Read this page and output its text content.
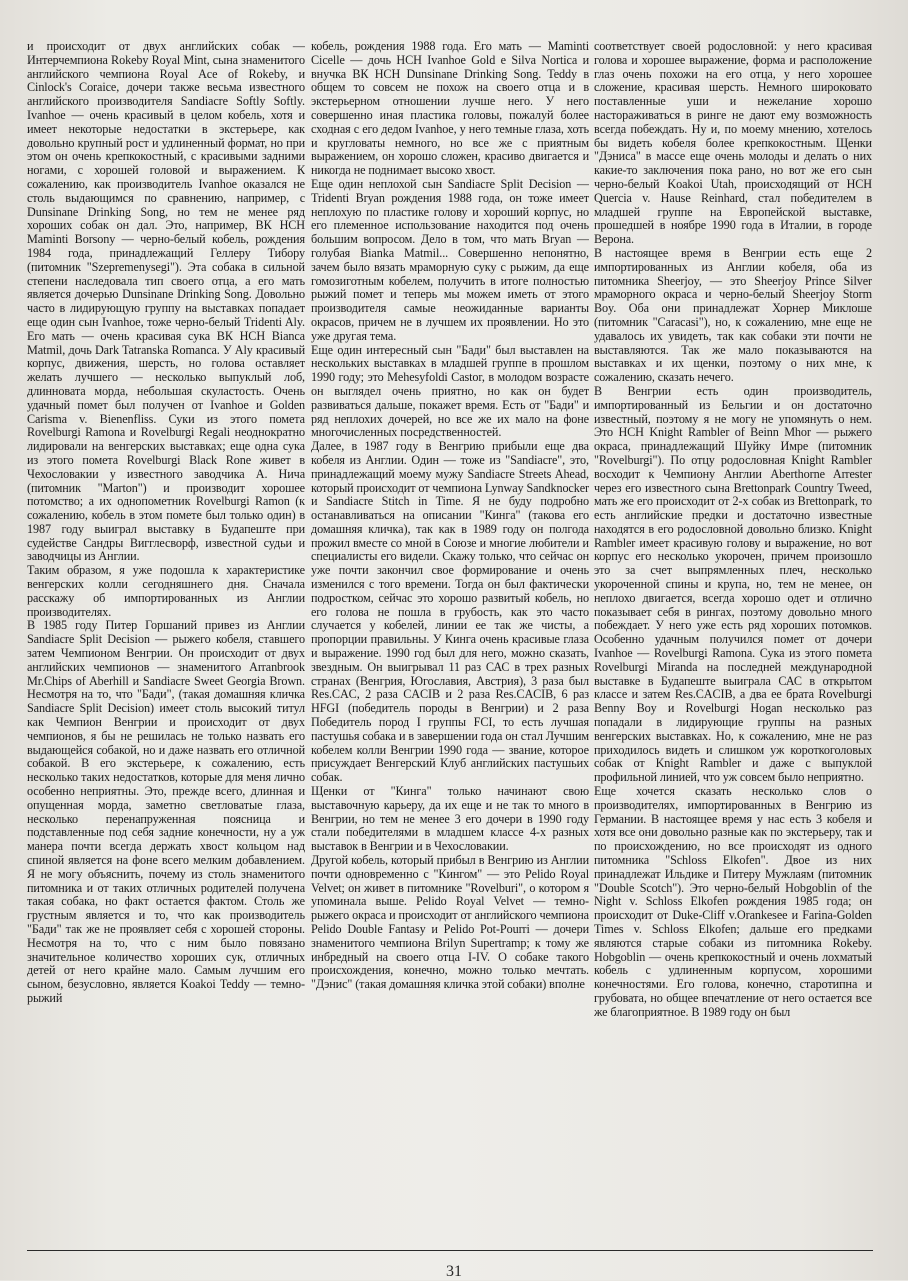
и происходит от двух английских собак — Интерчемпиона Rokeby Royal Mint, сына знаменитого английского чемпиона Royal Ace of Rokeby, и Cinlock's Coraice, дочери также весьма известного английского производителя Sandiacre Softly Softly. Ivanhoe — очень красивый в целом кобель, хотя и имеет некоторые недостатки в экстерьере, как довольно крупный рост и удлиненный формат, но при этом он очень крепкокостный, с красивыми задними ногами, с хорошей головой и выражением. К сожалению, как производитель Ivanhoe оказался не столь выдающимся по сравнению, например, с Dunsinane Drinking Song, но тем не менее ряд хороших собак он дал. Это, например, ВК НСН Maminti Borsony — черно-белый кобель, рождения 1984 года, принадлежащий Геллеру Тибору (питомник "Szepremenysegi"). Эта собака в сильной степени наследовала тип своего отца, а его мать является дочерью Dunsinane Drinking Song. Довольно часто в лидирующую группу на выставках попадает еще один сын Ivanhoe, тоже черно-белый Tridenti Aly. Его мать — очень красивая сука ВК НСН Bianca Matmil, дочь Dark Tatranska Romanca. У Aly красивый корпус, движения, шерсть, но голова оставляет желать лучшего — несколько выпуклый лоб, длинновата морда, небольшая скуластость. Очень удачный помет был получен от Ivanhoe и Golden Carisma v. Bienenfliss. Суки из этого помета Rovelburgi Ramona и Rovelburgi Regali неоднократно лидировали на венгерских выставках; еще одна сука из этого помета Rovelburgi Black Rone живет в Чехословакии у известного заводчика А. Нича (питомник "Marton") и производит хорошее потомство; а их однопометник Rovelburgi Ramon (к сожалению, кобель в этом помете был только один) в 1987 году выиграл выставку в Будапеште при судействе Сандры Вигглесворф, известной судьи и заводчицы из Англии.

Таким образом, я уже подошла к характеристике венгерских колли сегодняшнего дня. Сначала расскажу об импортированных из Англии производителях.

В 1985 году Питер Горшаний привез из Англии Sandiacre Split Decision — рыжего кобеля, ставшего затем Чемпионом Венгрии. Он происходит от двух английских чемпионов — знаменитого Arranbrook Mr.Chips of Aberhill и Sandiacre Sweet Georgia Brown. Несмотря на то, что "Бади", (такая домашняя кличка Sandiacre Split Decision) имеет столь высокий титул как Чемпион Венгрии и происходит от двух чемпионов, я бы не решилась не только назвать его выдающейся собакой, но и даже назвать его отличной собакой. В его экстерьере, к сожалению, есть несколько таких недостатков, которые для меня лично особенно неприятны. Это, прежде всего, длинная и опущенная морда, заметно светловатые глаза, несколько перенапруженная поясница и подставленные под себя задние конечности, ну а уж манера почти всегда держать хвост кольцом над спиной является на фоне всего мелким добавлением. Я не могу объяснить, почему из столь знаменитого питомника и от таких отличных родителей получена такая собака, но факт остается фактом. Столь же грустным является и то, что как производитель "Бади" так же не проявляет себя с хорошей стороны. Несмотря на то, что с ним было повязано значительное количество хороших сук, отличных детей от него крайне мало. Самым лучшим его сыном, безусловно, является Koakoi Teddy — темно-рыжий

кобель, рождения 1988 года. Его мать — Maminti Cicelle — дочь НСН Ivanhoe Gold e Silva Nortica и внучка ВК НСН Dunsinane Drinking Song. Teddy в общем то совсем не похож на своего отца и в экстерьерном отношении лучше него. У него совершенно иная пластика головы, пожалуй более сходная с его дедом Ivanhoe, у него темные глаза, хоть и кругловаты немного, но все же с приятным выражением, он хорошо сложен, красиво двигается и никогда не поднимает высоко хвост.

Еще один неплохой сын Sandiacre Split Decision — Tridenti Bryan рождения 1988 года, он тоже имеет неплохую по пластике голову и хороший корпус, но его племенное использование находится под очень большим вопросом. Дело в том, что мать Bryan — голубая Bianka Matmil... Совершенно непонятно, зачем было вязать мраморную суку с рыжим, да еще гомозиготным кобелем, получить в итоге полностью рыжий помет и теперь мы можем иметь от этого производителя самые неожиданные варианты окрасов, причем не в лучшем их проявлении. Но это уже другая тема.

Еще один интересный сын "Бади" был выставлен на нескольких выставках в младшей группе в прошлом 1990 году; это Mehesyfoldi Castor, в молодом возрасте он выглядел очень приятно, но как он будет развиваться дальше, покажет время. Есть от "Бади" и ряд неплохих дочерей, но все же их мало на фоне многочисленных посредственностей.

Далее, в 1987 году в Венгрию прибыли еще два кобеля из Англии. Один — тоже из "Sandiacre", это, принадлежащий моему мужу Sandiacre Streets Ahead, который происходит от чемпиона Lynway Sandknocker и Sandiacre Stitch in Time. Я не буду подробно останавливаться на описании "Кинга" (такова его домашняя кличка), так как в 1989 году он полгода прожил вместе со мной в Союзе и многие любители и специалисты его видели. Скажу только, что сейчас он уже почти закончил свое формирование и очень изменился с того времени. Тогда он был фактически подростком, сейчас это хорошо развитый кобель, но его голова не пошла в грубость, как это часто случается у кобелей, линии ее так же чисты, а пропорции правильны. У Кинга очень красивые глаза и выражение. 1990 год был для него, можно сказать, звездным. Он выигрывал 11 раз САС в трех разных странах (Венгрия, Югославия, Австрия), 3 раза был Res.CAC, 2 раза CACIB и 2 раза Res.CACIB, 6 раз HFGI (победитель породы в Венгрии) и 2 раза Победитель пород I группы FCI, то есть лучшая пастушья собака и в завершении года он стал Лучшим кобелем колли Венгрии 1990 года — звание, которое присуждает Венгерский Клуб английских пастушьих собак.

Щенки от "Кинга" только начинают свою выставочную карьеру, да их еще и не так то много в Венгрии, но тем не менее 3 его дочери в 1990 году стали победителями в младшем классе 4-х разных выставок в Венгрии и в Чехословакии.

Другой кобель, который прибыл в Венгрию из Англии почти одновременно с "Кингом" — это Pelido Royal Velvet; он живет в питомнике "Rovelburi", о котором я упоминала выше. Pelido Royal Velvet — темно-рыжего окраса и происходит от английского чемпиона Pelido Double Fantasy и Pelido Pot-Pourri — дочери знаменитого чемпиона Brilyn Supertramp; к тому же инбредный на своего отца I-IV. О собаке такого происхождения, конечно, можно только мечтать. "Дэнис" (такая домашняя кличка этой собаки) вполне

соответствует своей родословной: у него красивая голова и хорошее выражение, форма и расположение глаз очень похожи на его отца, у него хорошее сложение, красивая шерсть. Немного широковато поставленные уши и нежелание хорошо настораживаться в ринге не дают ему возможность всегда побеждать. Ну и, по моему мнению, хотелось бы видеть кобеля более крепкокостным. Щенки "Дэниса" в массе еще очень молоды и делать о них какие-то заключения пока рано, но вот же его сын черно-белый Koakoi Utah, происходящий от НСН Quercia v. Hause Reinhard, стал победителем в младшей группе на Европейской выставке, прошедшей в ноябре 1990 года в Италии, в городе Верона.

В настоящее время в Венгрии есть еще 2 импортированных из Англии кобеля, оба из питомника Sheerjoy, — это Sheerjoy Prince Silver мраморного окраса и черно-белый Sheerjoy Storm Boy. Оба они принадлежат Хорнер Миклоше (питомник "Caracasi"), но, к сожалению, мне еще не удавалось их увидеть, так как собаки эти почти не выставляются. Так же мало показываются на выставках и их щенки, поэтому о них мне, к сожалению, сказать нечего.

В Венгрии есть один производитель, импортированный из Бельгии и он достаточно известный, поэтому я не могу не упомянуть о нем. Это НСН Knight Rambler of Beinn Mhor — рыжего окраса, принадлежащий Шуйку Имре (питомник "Rovelburgi"). По отцу родословная Knight Rambler восходит к Чемпиону Англии Aberthorne Arrester через его известного сына Brettonpark Country Tweed, мать же его происходит от 2-х собак из Brettonpark, то есть английские предки и достаточно известные находятся в его родословной довольно близко. Knight Rambler имеет красивую голову и выражение, но вот корпус его несколько укорочен, причем произошло это за счет выпрямленных плеч, несколько укороченной спины и крупа, но, тем не менее, он неплохо двигается, всегда хорошо одет и отлично показывает себя в рингах, поэтому довольно много побеждает. У него уже есть ряд хороших потомков. Особенно удачным получился помет от дочери Ivanhoe — Rovelburgi Ramona. Сука из этого помета Rovelburgi Miranda на последней международной выставке в Будапеште выиграла САС в открытом классе и затем Res.CACIB, а два ее брата Rovelburgi Benny Boy и Rovelburgi Hogan несколько раз попадали в лидирующие группы на разных венгерских выставках. Но, к сожалению, мне не раз приходилось видеть и слишком уж короткоголовых собак от Knight Rambler и даже с выпуклой профильной линией, что уж совсем было неприятно.

Еще хочется сказать несколько слов о производителях, импортированных в Венгрию из Германии. В настоящее время у нас есть 3 кобеля и хотя все они довольно разные как по экстерьеру, так и по происхождению, но все происходят из одного питомника "Schloss Elkofen". Двое из них принадлежат Ильдике и Питеру Мужлаям (питомник "Double Scotch"). Это черно-белый Hobgoblin of the Night v. Schloss Elkofen рождения 1985 года; он происходит от Duke-Cliff v.Orankesee и Farina-Golden Times v. Schloss Elkofen; дальше его предками являются старые собаки из питомника Rokeby. Hobgoblin — очень крепкокостный и очень лохматый кобель с удлиненным корпусом, хорошими конечностями. Его голова, конечно, старотипна и грубовата, но общее впечатление от него остается все же благоприятное. В 1989 году он был

31
